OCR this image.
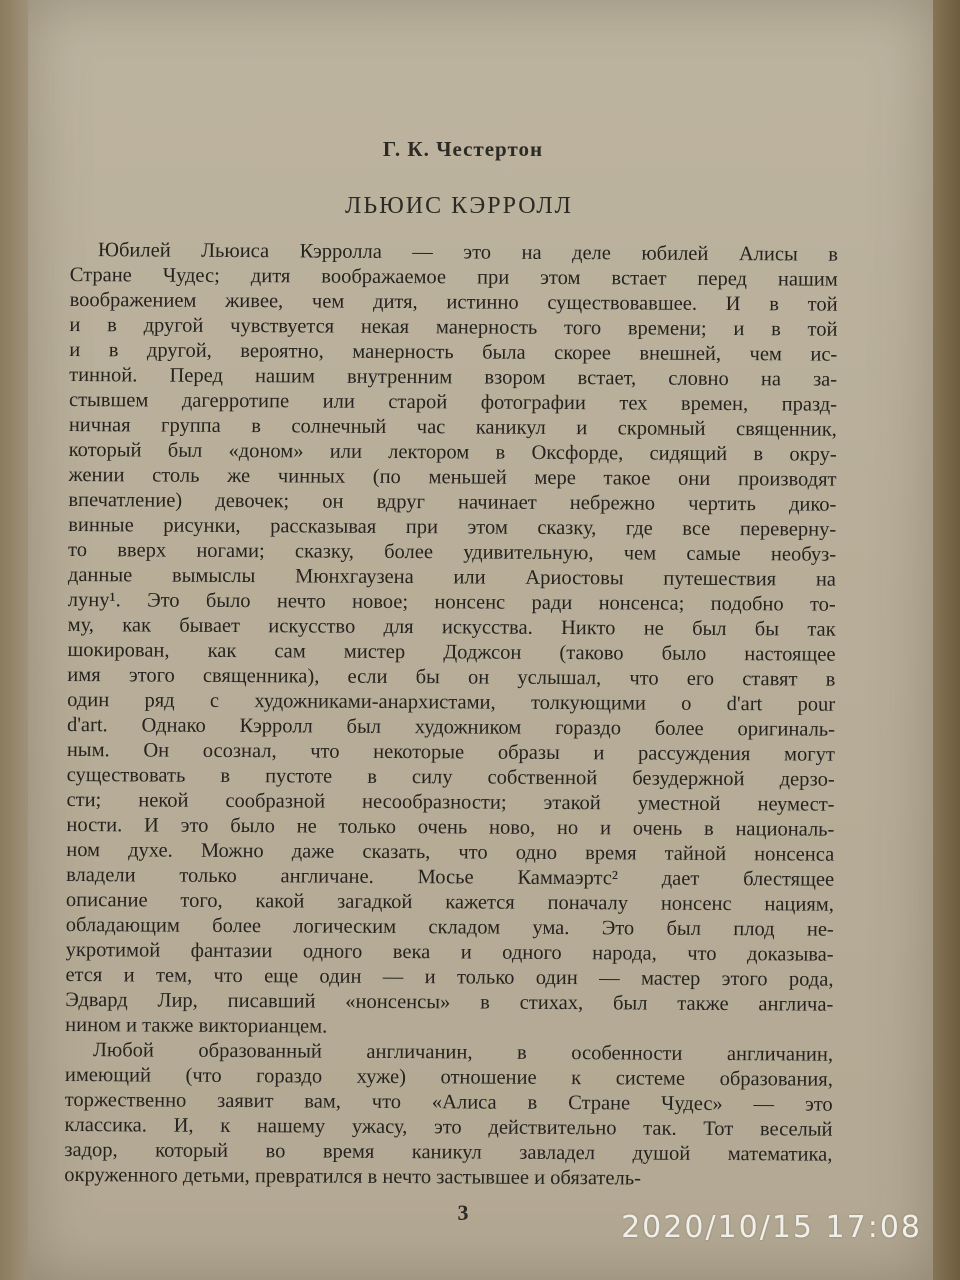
Г. К. Честертон
ЛЬЮИС КЭРРОЛЛ
Юбилей Льюиса Кэрролла — это на деле юбилей Алисы в
Стране Чудес; дитя воображаемое при этом встает перед нашим
воображением живее, чем дитя, истинно существовавшее. И в той
и в другой чувствуется некая манерность того времени; и в той
и в другой, вероятно, манерность была скорее внешней, чем ис-
тинной. Перед нашим внутренним взором встает, словно на за-
стывшем дагерротипе или старой фотографии тех времен, празд-
ничная группа в солнечный час каникул и скромный священник,
который был «доном» или лектором в Оксфорде, сидящий в окру-
жении столь же чинных (по меньшей мере такое они производят
впечатление) девочек; он вдруг начинает небрежно чертить дико-
винные рисунки, рассказывая при этом сказку, где все переверну-
то вверх ногами; сказку, более удивительную, чем самые необуз-
данные вымыслы Мюнхгаузена или Ариостовы путешествия на
луну¹. Это было нечто новое; нонсенс ради нонсенса; подобно то-
му, как бывает искусство для искусства. Никто не был бы так
шокирован, как сам мистер Доджсон (таково было настоящее
имя этого священника), если бы он услышал, что его ставят в
один ряд с художниками-анархистами, толкующими о d'art pour
d'art. Однако Кэрролл был художником гораздо более оригиналь-
ным. Он осознал, что некоторые образы и рассуждения могут
существовать в пустоте в силу собственной безудержной дерзо-
сти; некой сообразной несообразности; этакой уместной неумест-
ности. И это было не только очень ново, но и очень в националь-
ном духе. Можно даже сказать, что одно время тайной нонсенса
владели только англичане. Мосье Каммаэртс² дает блестящее
описание того, какой загадкой кажется поначалу нонсенс нациям,
обладающим более логическим складом ума. Это был плод не-
укротимой фантазии одного века и одного народа, что доказыва-
ется и тем, что еще один — и только один — мастер этого рода,
Эдвард Лир, писавший «нонсенсы» в стихах, был также англича-
нином и также викторианцем.
Любой образованный англичанин, в особенности англичанин,
имеющий (что гораздо хуже) отношение к системе образования,
торжественно заявит вам, что «Алиса в Стране Чудес» — это
классика. И, к нашему ужасу, это действительно так. Тот веселый
задор, который во время каникул завладел душой математика,
окруженного детьми, превратился в нечто застывшее и обязатель-
3	2020/10/15 17:08
